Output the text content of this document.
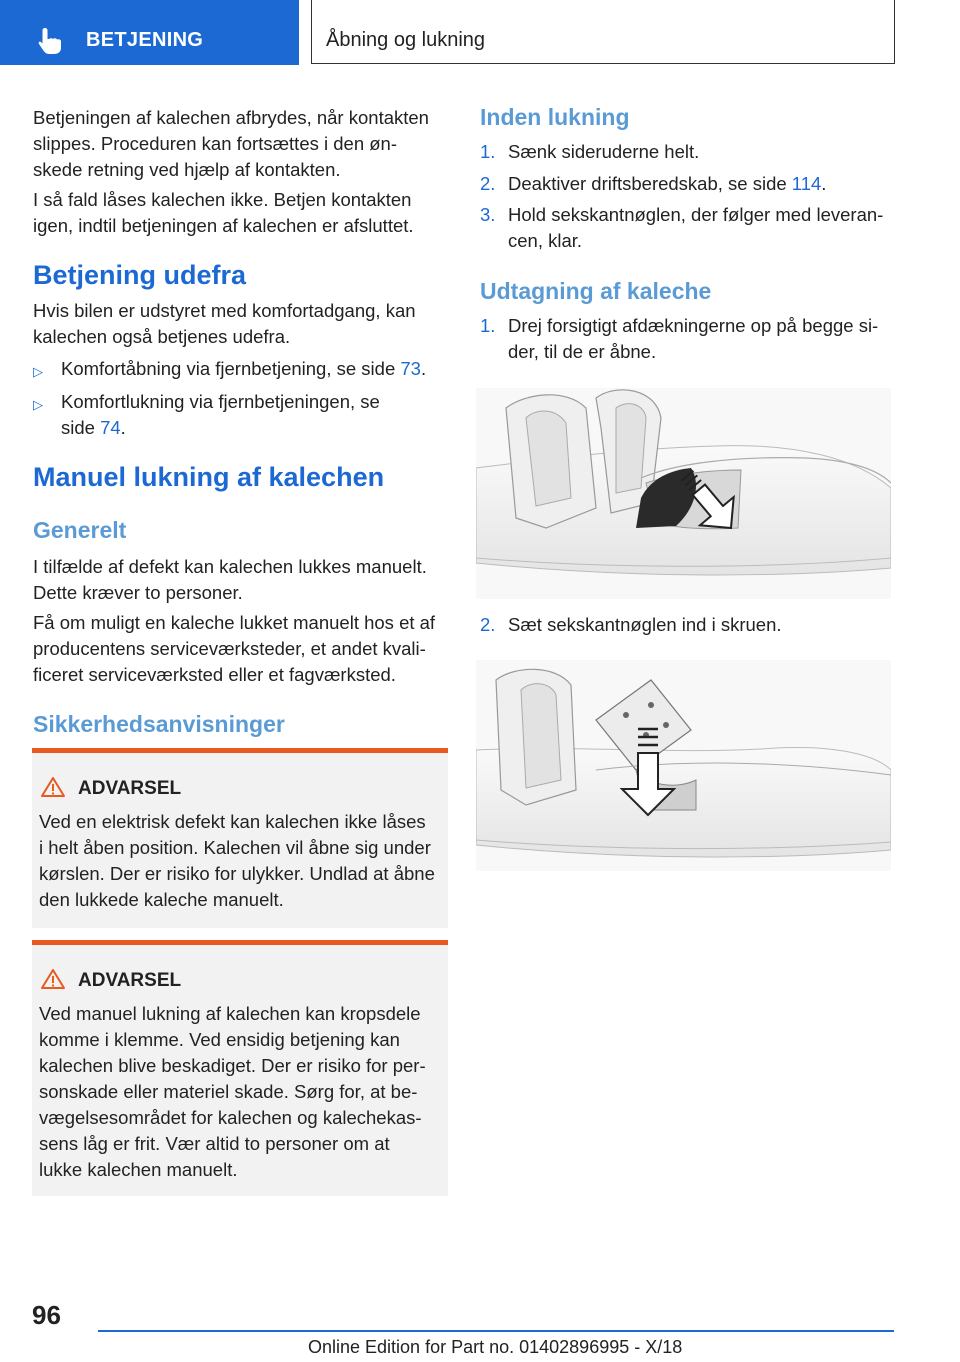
BETJENING	Åbning og lukning
Betjeningen af kalechen afbrydes, når kontakten
slippes. Proceduren kan fortsættes i den øn‐
skede retning ved hjælp af kontakten.
I så fald låses kalechen ikke. Betjen kontakten
igen, indtil betjeningen af kalechen er afsluttet.
Betjening udefra
Hvis bilen er udstyret med komfortadgang, kan
kalechen også betjenes udefra.
▷ Komfortåbning via fjernbetjening, se side 73.
▷ Komfortlukning via fjernbetjeningen, se
side 74.
Manuel lukning af kalechen
Generelt
I tilfælde af defekt kan kalechen lukkes manuelt.
Dette kræver to personer.
Få om muligt en kaleche lukket manuelt hos et af
producentens serviceværksteder, et andet kvali‐
ficeret serviceværksted eller et fagværksted.
Sikkerhedsanvisninger
ADVARSEL
Ved en elektrisk defekt kan kalechen ikke låses
i helt åben position. Kalechen vil åbne sig under
kørslen. Der er risiko for ulykker. Undlad at åbne
den lukkede kaleche manuelt.
ADVARSEL
Ved manuel lukning af kalechen kan kropsdele
komme i klemme. Ved ensidig betjening kan
kalechen blive beskadiget. Der er risiko for per‐
sonskade eller materiel skade. Sørg for, at be‐
vægelsesområdet for kalechen og kalechekas‐
sens låg er frit. Vær altid to personer om at
lukke kalechen manuelt.
Inden lukning
1. Sænk sideruderne helt.
2. Deaktiver driftsberedskab, se side 114.
3. Hold sekskantnøglen, der følger med leveran‐
cen, klar.
Udtagning af kaleche
1. Drej forsigtigt afdækningerne op på begge si‐
der, til de er åbne.
2. Sæt sekskantnøglen ind i skruen.
96
Online Edition for Part no. 01402896995 - X/18
